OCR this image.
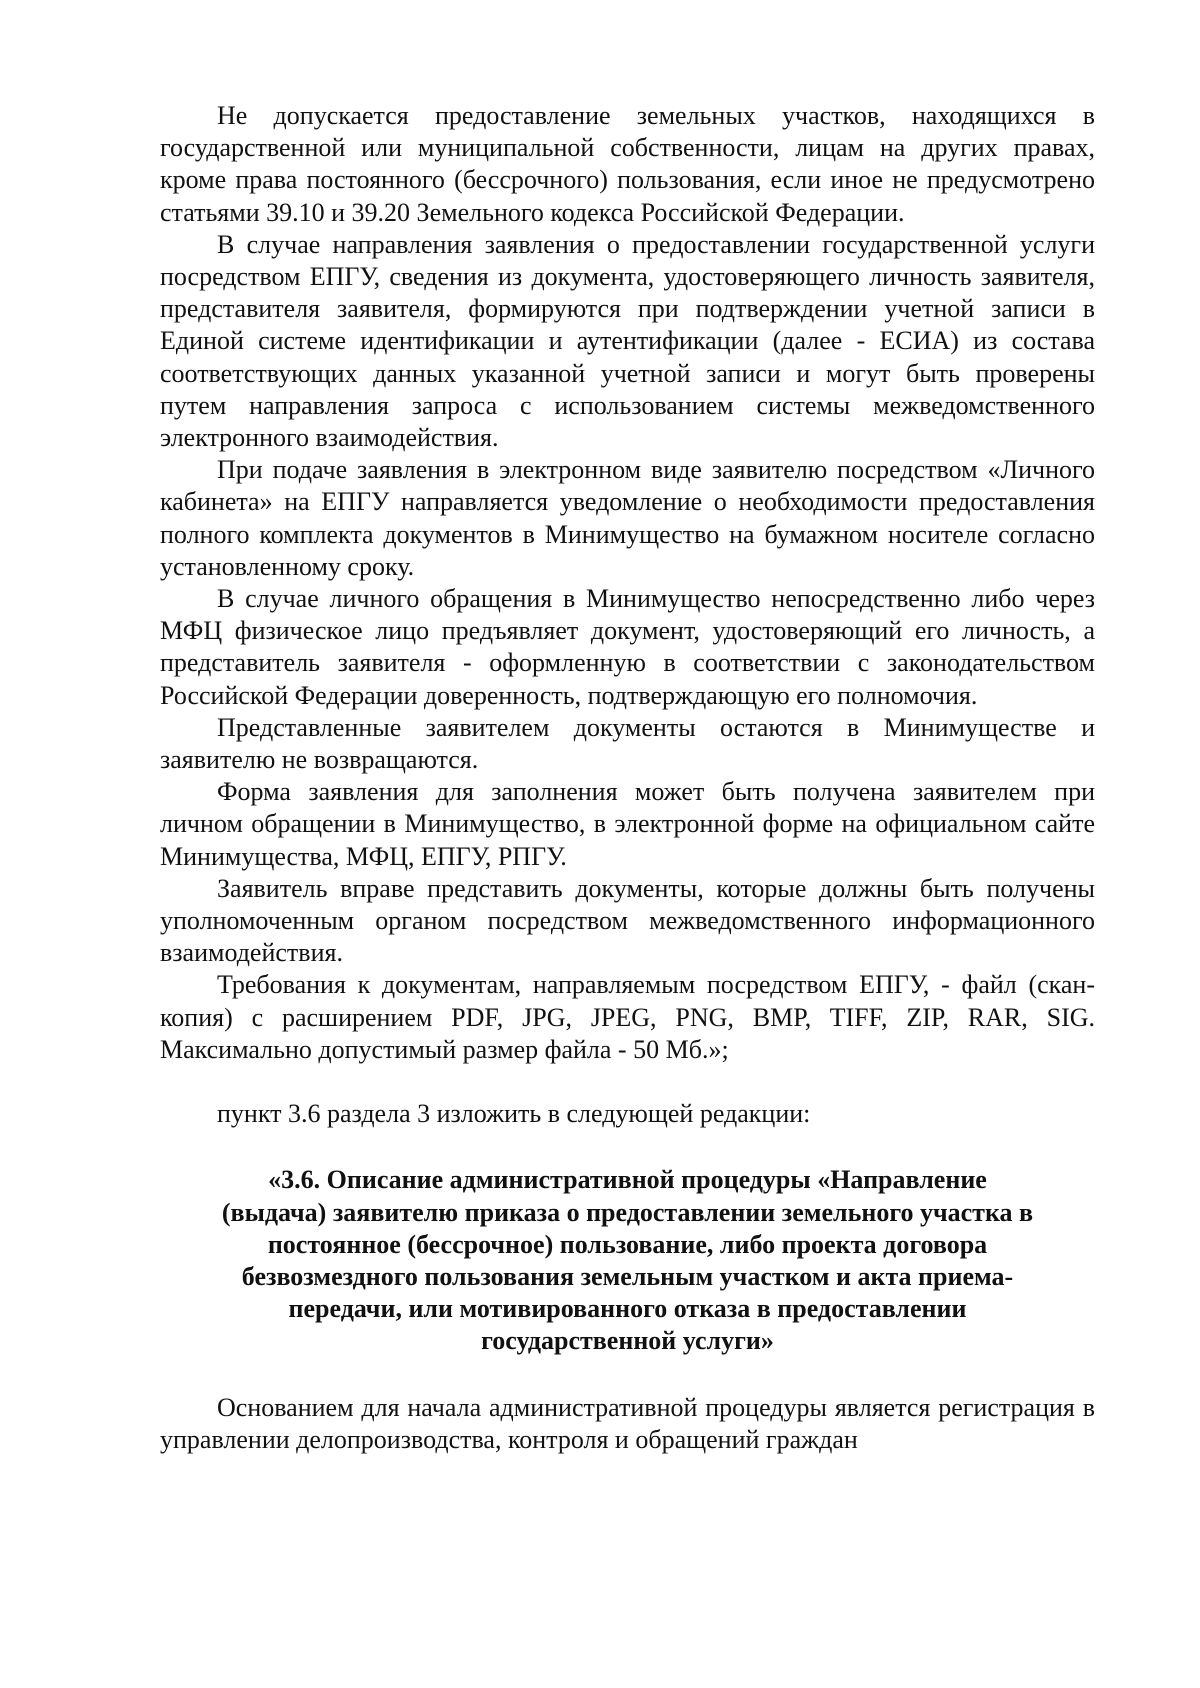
Не допускается предоставление земельных участков, находящихся в государственной или муниципальной собственности, лицам на других правах, кроме права постоянного (бессрочного) пользования, если иное не предусмотрено статьями 39.10 и 39.20 Земельного кодекса Российской Федерации.

В случае направления заявления о предоставлении государственной услуги посредством ЕПГУ, сведения из документа, удостоверяющего личность заявителя, представителя заявителя, формируются при подтверждении учетной записи в Единой системе идентификации и аутентификации (далее - ЕСИА) из состава соответствующих данных указанной учетной записи и могут быть проверены путем направления запроса с использованием системы межведомственного электронного взаимодействия.

При подаче заявления в электронном виде заявителю посредством «Личного кабинета» на ЕПГУ направляется уведомление о необходимости предоставления полного комплекта документов в Минимущество на бумажном носителе согласно установленному сроку.

В случае личного обращения в Минимущество непосредственно либо через МФЦ физическое лицо предъявляет документ, удостоверяющий его личность, а представитель заявителя - оформленную в соответствии с законодательством Российской Федерации доверенность, подтверждающую его полномочия.

Представленные заявителем документы остаются в Минимуществе и заявителю не возвращаются.

Форма заявления для заполнения может быть получена заявителем при личном обращении в Минимущество, в электронной форме на официальном сайте Минимущества, МФЦ, ЕПГУ, РПГУ.

Заявитель вправе представить документы, которые должны быть получены уполномоченным органом посредством межведомственного информационного взаимодействия.

Требования к документам, направляемым посредством ЕПГУ, - файл (скан-копия) с расширением PDF, JPG, JPEG, PNG, BMP, TIFF, ZIP, RAR, SIG. Максимально допустимый размер файла - 50 Мб.»;

пункт 3.6 раздела 3 изложить в следующей редакции:

«3.6. Описание административной процедуры «Направление (выдача) заявителю приказа о предоставлении земельного участка в постоянное (бессрочное) пользование, либо проекта договора безвозмездного пользования земельным участком и акта приема-передачи, или мотивированного отказа в предоставлении государственной услуги»

Основанием для начала административной процедуры является регистрация в управлении делопроизводства, контроля и обращений граждан
